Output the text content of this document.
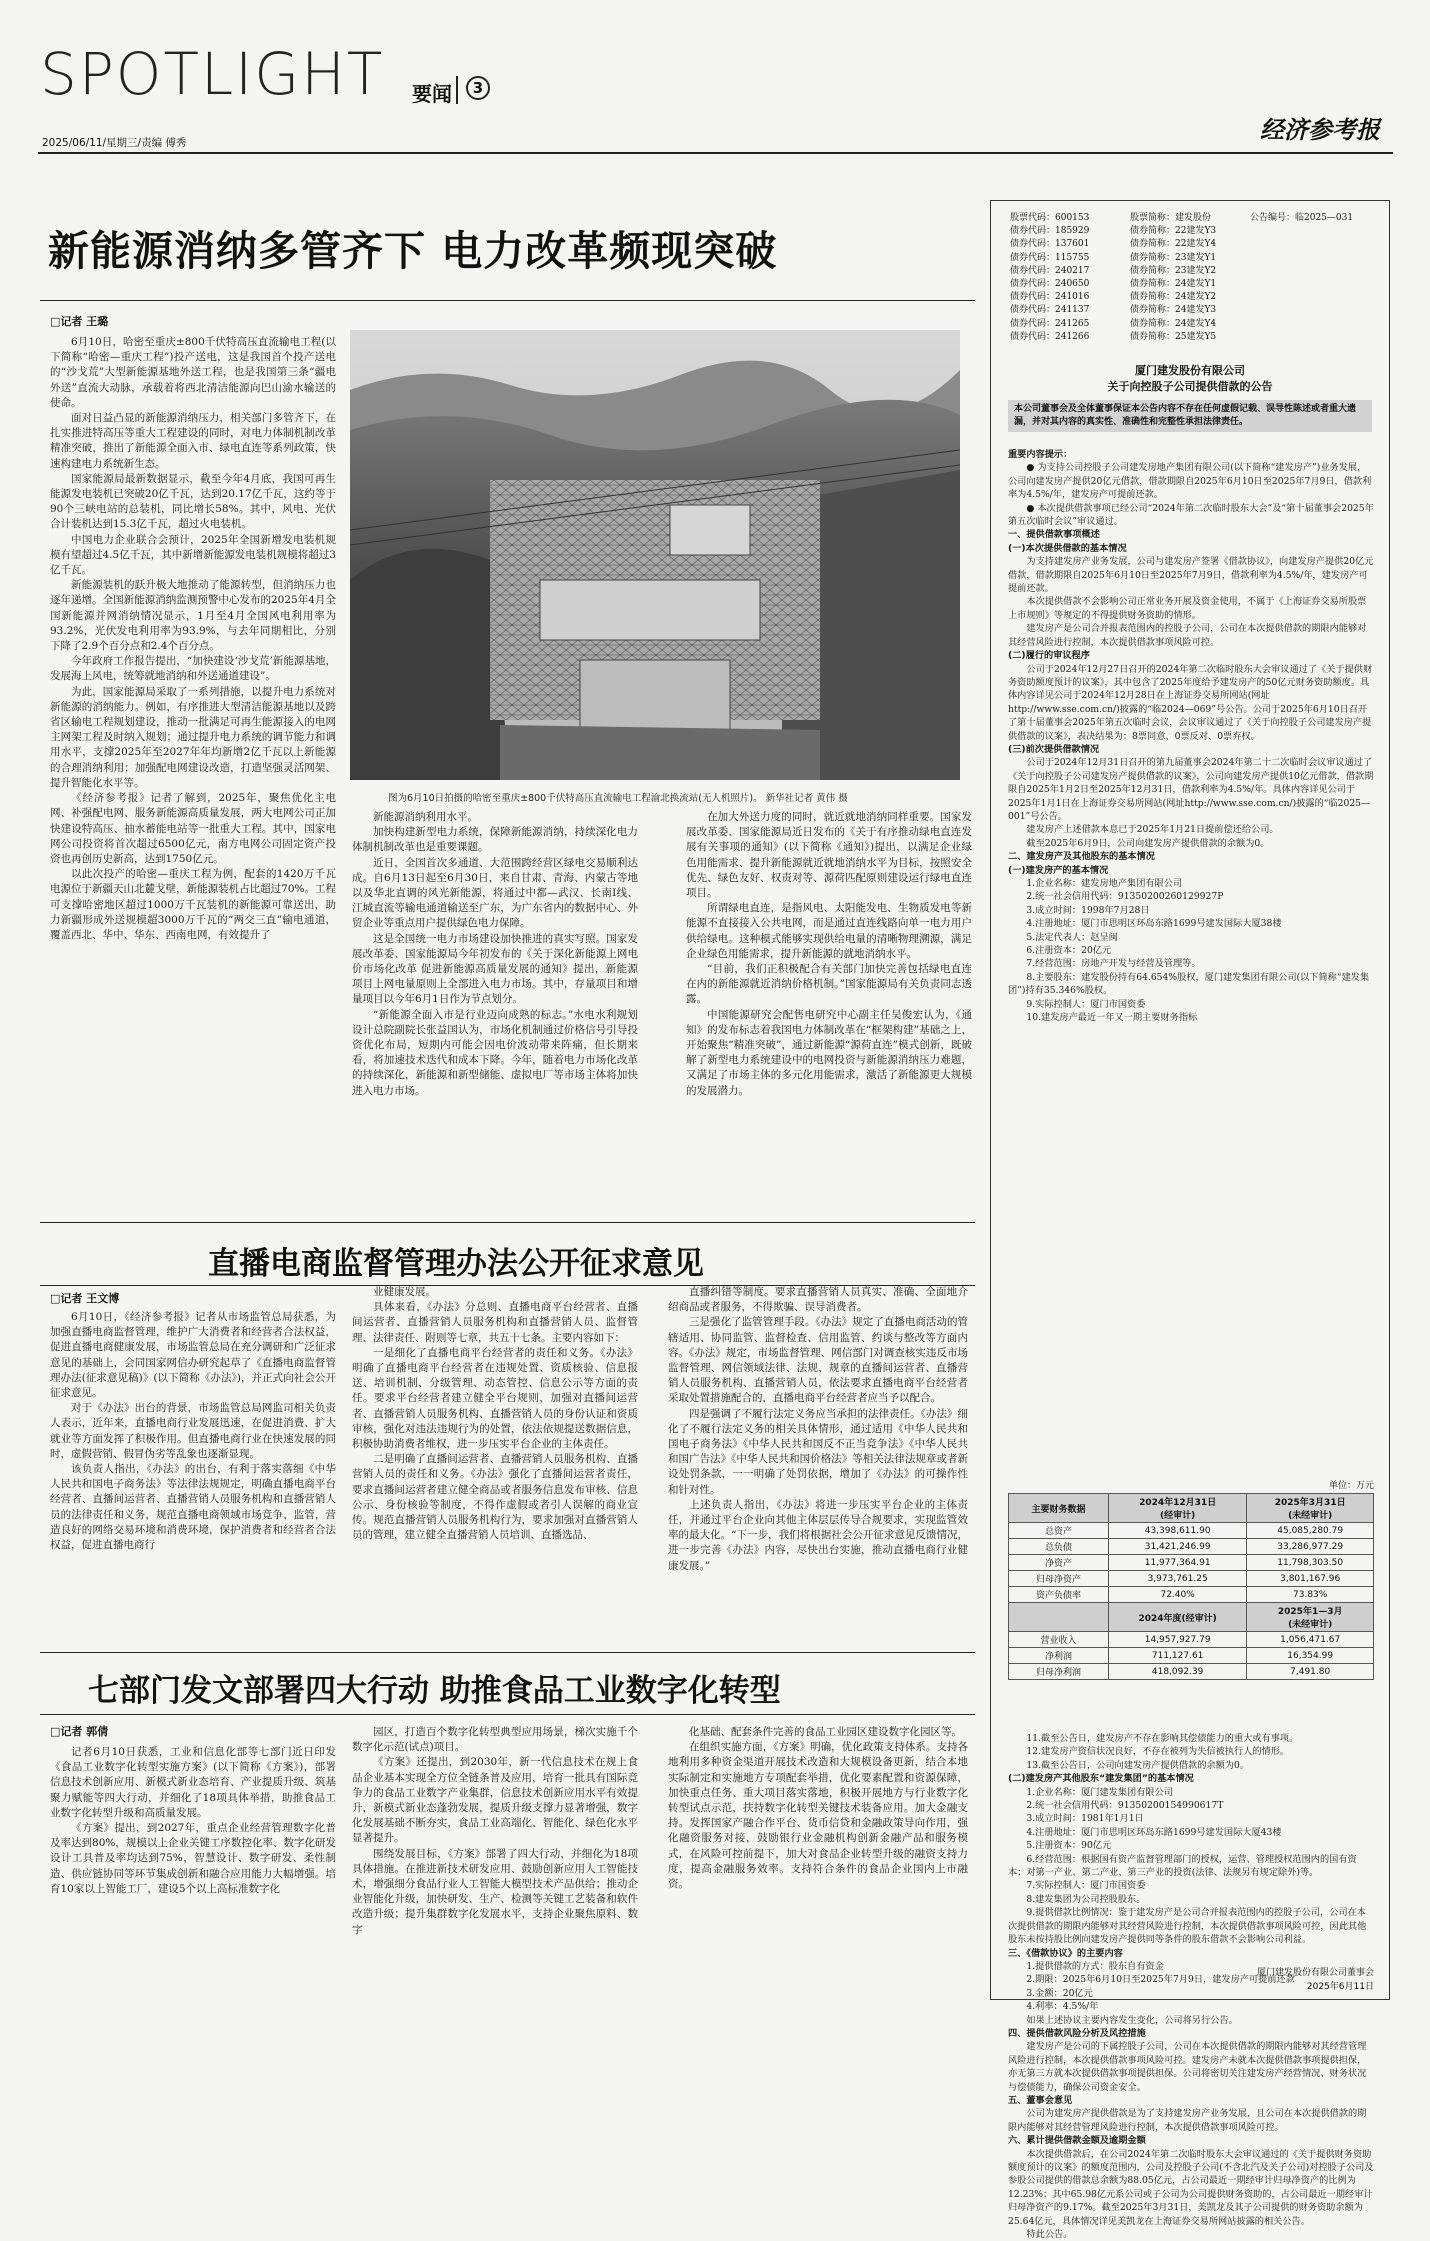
SPOTLIGHT 要闻	3
2025/06/11/星期三/责编 傅秀	经济参考报
新能源消纳多管齐下 电力改革频现突破
□记者 王璐

6月10日，哈密至重庆±800千伏特高压直流输电工程(以下简称“哈密—重庆工程”)投产送电，这是我国首个投产送电的“沙戈荒”大型新能源基地外送工程，也是我国第三条“疆电外送”直流大动脉，承载着将西北清洁能源向巴山渝水输送的使命。

面对日益凸显的新能源消纳压力，相关部门多管齐下，在扎实推进特高压等重大工程建设的同时，对电力体制机制改革精准突破，推出了新能源全面入市、绿电直连等系列政策，快速构建电力系统新生态。

国家能源局最新数据显示，截至今年4月底，我国可再生能源发电装机已突破20亿千瓦，达到20.17亿千瓦，这约等于90个三峡电站的总装机，同比增长58%。其中，风电、光伏合计装机达到15.3亿千瓦，超过火电装机。

中国电力企业联合会预计，2025年全国新增发电装机规模有望超过4.5亿千瓦，其中新增新能源发电装机规模将超过3亿千瓦。

新能源装机的跃升极大地推动了能源转型，但消纳压力也逐年递增。全国新能源消纳监测预警中心发布的2025年4月全国新能源并网消纳情况显示，1月至4月全国风电利用率为93.2%，光伏发电利用率为93.9%，与去年同期相比，分别下降了2.9个百分点和2.4个百分点。

今年政府工作报告提出，“加快建设‘沙戈荒’新能源基地，发展海上风电，统筹就地消纳和外送通道建设”。

为此，国家能源局采取了一系列措施，以提升电力系统对新能源的消纳能力。例如，有序推进大型清洁能源基地以及跨省区输电工程规划建设，推动一批满足可再生能源接入的电网主网架工程及时纳入规划；通过提升电力系统的调节能力和调用水平，支撑2025年至2027年年均新增2亿千瓦以上新能源的合理消纳利用；加强配电网建设改造，打造坚强灵活网架、提升智能化水平等。

《经济参考报》记者了解到，2025年，聚焦优化主电网、补强配电网、服务新能源高质量发展，两大电网公司正加快建设特高压、抽水蓄能电站等一批重大工程。其中，国家电网公司投资将首次超过6500亿元，南方电网公司固定资产投资也再创历史新高，达到1750亿元。

以此次投产的哈密—重庆工程为例，配套的1420万千瓦电源位于新疆天山北麓戈壁，新能源装机占比超过70%。工程可支撑哈密地区超过1000万千瓦装机的新能源可靠送出，助力新疆形成外送规模超3000万千瓦的“两交三直”输电通道，覆盖西北、华中、华东、西南电网，有效提升了

图为6月10日拍摄的哈密至重庆±800千伏特高压直流输电工程渝北换流站(无人机照片)。 新华社记者 黄伟 摄

新能源消纳利用水平。

加快构建新型电力系统，保障新能源消纳，持续深化电力体制机制改革也是重要课题。

近日，全国首次多通道、大范围跨经营区绿电交易顺利达成。自6月13日起至6月30日，来自甘肃、青海、内蒙古等地以及华北直调的风光新能源，将通过中都—武汉、长南Ⅰ线、江城直流等输电通道输送至广东，为广东省内的数据中心、外贸企业等重点用户提供绿色电力保障。

这是全国统一电力市场建设加快推进的真实写照。国家发展改革委、国家能源局今年初发布的《关于深化新能源上网电价市场化改革 促进新能源高质量发展的通知》提出，新能源项目上网电量原则上全部进入电力市场。其中，存量项目和增量项目以今年6月1日作为节点划分。

“新能源全面入市是行业迈向成熟的标志。”水电水利规划设计总院副院长张益国认为，市场化机制通过价格信号引导投资优化布局，短期内可能会因电价波动带来阵痛，但长期来看，将加速技术迭代和成本下降。今年，随着电力市场化改革的持续深化，新能源和新型储能、虚拟电厂等市场主体将加快进入电力市场。

在加大外送力度的同时，就近就地消纳同样重要。国家发展改革委、国家能源局近日发布的《关于有序推动绿电直连发展有关事项的通知》(以下简称《通知》)提出，以满足企业绿色用能需求、提升新能源就近就地消纳水平为目标，按照安全优先、绿色友好、权责对等、源荷匹配原则建设运行绿电直连项目。

所谓绿电直连，是指风电、太阳能发电、生物质发电等新能源不直接接入公共电网，而是通过直连线路向单一电力用户供给绿电。这种模式能够实现供给电量的清晰物理溯源，满足企业绿色用能需求，提升新能源的就地消纳水平。

“目前，我们正积极配合有关部门加快完善包括绿电直连在内的新能源就近消纳价格机制。”国家能源局有关负责同志透露。

中国能源研究会配售电研究中心副主任吴俊宏认为，《通知》的发布标志着我国电力体制改革在“框架构建”基础之上，开始聚焦“精准突破”，通过新能源“源荷直连”模式创新，既破解了新型电力系统建设中的电网投资与新能源消纳压力难题，又满足了市场主体的多元化用能需求，激活了新能源更大规模的发展潜力。

直播电商监督管理办法公开征求意见
□记者 王文博

6月10日，《经济参考报》记者从市场监管总局获悉，为加强直播电商监督管理，维护广大消费者和经营者合法权益，促进直播电商健康发展，市场监管总局在充分调研和广泛征求意见的基础上，会同国家网信办研究起草了《直播电商监督管理办法(征求意见稿)》(以下简称《办法》)，并正式向社会公开征求意见。

对于《办法》出台的背景，市场监管总局网监司相关负责人表示，近年来，直播电商行业发展迅速，在促进消费、扩大就业等方面发挥了积极作用。但直播电商行业在快速发展的同时，虚假营销、假冒伪劣等乱象也逐渐显现。

该负责人指出，《办法》的出台，有利于落实落细《中华人民共和国电子商务法》等法律法规规定，明确直播电商平台经营者、直播间运营者、直播营销人员服务机构和直播营销人员的法律责任和义务，规范直播电商领域市场竞争、监管，营造良好的网络交易环境和消费环境，保护消费者和经营者合法权益，促进直播电商行

业健康发展。

具体来看，《办法》分总则、直播电商平台经营者、直播间运营者、直播营销人员服务机构和直播营销人员、监督管理、法律责任、附则等七章，共五十七条。主要内容如下：

一是细化了直播电商平台经营者的责任和义务。《办法》明确了直播电商平台经营者在违规处置、资质核验、信息报送、培训机制、分级管理、动态管控、信息公示等方面的责任。要求平台经营者建立健全平台规则，加强对直播间运营者、直播营销人员服务机构、直播营销人员的身份认证和资质审核，强化对违法违规行为的处置，依法依规提送数据信息，积极协助消费者维权，进一步压实平台企业的主体责任。

二是明确了直播间运营者、直播营销人员服务机构、直播营销人员的责任和义务。《办法》强化了直播间运营者责任，要求直播间运营者建立健全商品或者服务信息发布审核、信息公示、身份核验等制度，不得作虚假或者引人误解的商业宣传。规范直播营销人员服务机构行为，要求加强对直播营销人员的管理，建立健全直播营销人员培训、直播选品、

直播纠错等制度。要求直播营销人员真实、准确、全面地介绍商品或者服务，不得欺骗、误导消费者。

三是强化了监管管理手段。《办法》规定了直播电商活动的管辖适用、协同监管、监督检查、信用监管、约谈与整改等方面内容。《办法》规定，市场监督管理、网信部门对调查核实违反市场监督管理、网信领域法律、法规、规章的直播间运营者、直播营销人员服务机构、直播营销人员，依法要求直播电商平台经营者采取处置措施配合的，直播电商平台经营者应当予以配合。

四是强调了不履行法定义务应当承担的法律责任。《办法》细化了不履行法定义务的相关具体情形，通过适用《中华人民共和国电子商务法》《中华人民共和国反不正当竞争法》《中华人民共和国广告法》《中华人民共和国价格法》等相关法律法规章或者新设处罚条款，一一明确了处罚依据，增加了《办法》的可操作性和针对性。

上述负责人指出，《办法》将进一步压实平台企业的主体责任，并通过平台企业向其他主体层层传导合规要求，实现监管效率的最大化。“下一步，我们将根据社会公开征求意见反馈情况，进一步完善《办法》内容，尽快出台实施，推动直播电商行业健康发展。”

七部门发文部署四大行动 助推食品工业数字化转型
□记者 郭倩

记者6月10日获悉，工业和信息化部等七部门近日印发《食品工业数字化转型实施方案》(以下简称《方案》)，部署信息技术创新应用、新模式新业态培育、产业提质升级、筑基聚力赋能等四大行动，并细化了18项具体举措，助推食品工业数字化转型升级和高质量发展。

《方案》提出，到2027年，重点企业经营管理数字化普及率达到80%，规模以上企业关键工序数控化率、数字化研发设计工具普及率均达到75%，智慧设计、数字研发、柔性制造、供应链协同等环节集成创新和融合应用能力大幅增强。培育10家以上智能工厂，建设5个以上高标准数字化

园区，打造百个数字化转型典型应用场景，梯次实施千个数字化示范(试点)项目。

《方案》还提出，到2030年，新一代信息技术在规上食品企业基本实现全方位全链条普及应用，培育一批具有国际竞争力的食品工业数字产业集群，信息技术创新应用水平有效提升，新模式新业态蓬勃发展，提质升级支撑力显著增强，数字化发展基础不断夯实，食品工业高端化、智能化、绿色化水平显著提升。

围绕发展目标，《方案》部署了四大行动，并细化为18项具体措施。在推进新技术研发应用、鼓励创新应用人工智能技术，增强细分食品行业人工智能大模型技术产品供给；推动企业智能化升级，加快研发、生产、检测等关键工艺装备和软件改造升级；提升集群数字化发展水平，支持企业聚焦原料、数字

化基础、配套条件完善的食品工业园区建设数字化园区等。

在组织实施方面，《方案》明确，优化政策支持体系。支持各地利用多种资金渠道开展技术改造和大规模设备更新，结合本地实际制定和实施地方专项配套举措，优化要素配置和资源保障，加快重点任务、重大项目落实落地，积极开展地方与行业数字化转型试点示范，扶持数字化转型关键技术装备应用。加大金融支持。发挥国家产融合作平台、货币信贷和金融政策导向作用，强化融资服务对接，鼓励银行业金融机构创新金融产品和服务模式，在风险可控前提下，加大对食品企业转型升级的融资支持力度，提高金融服务效率。支持符合条件的食品企业国内上市融资。

股票代码：600153	股票简称：建发股份	公告编号：临2025—031
债券代码：185929	债券简称：22建发Y3
债券代码：137601	债券简称：22建发Y4
债券代码：115755	债券简称：23建发Y1
债券代码：240217	债券简称：23建发Y2
债券代码：240650	债券简称：24建发Y1
债券代码：241016	债券简称：24建发Y2
债券代码：241137	债券简称：24建发Y3
债券代码：241265	债券简称：24建发Y4
债券代码：241266	债券简称：25建发Y5
厦门建发股份有限公司
关于向控股子公司提供借款的公告
本公司董事会及全体董事保证本公告内容不存在任何虚假记载、误导性陈述或者重大遗漏，并对其内容的真实性、准确性和完整性承担法律责任。

重要内容提示：

● 为支持公司控股子公司建发房地产集团有限公司(以下简称“建发房产”)业务发展，公司向建发房产提供20亿元借款，借款期限自2025年6月10日至2025年7月9日，借款利率为4.5%/年，建发房产可提前还款。

● 本次提供借款事项已经公司“2024年第二次临时股东大会”及“第十届董事会2025年第五次临时会议”审议通过。

一、提供借款事项概述

(一)本次提供借款的基本情况

为支持建发房产业务发展，公司与建发房产签署《借款协议》，向建发房产提供20亿元借款，借款期限自2025年6月10日至2025年7月9日，借款利率为4.5%/年，建发房产可提前还款。

本次提供借款不会影响公司正常业务开展及资金使用，不属于《上海证券交易所股票上市规则》等规定的不得提供财务资助的情形。

建发房产是公司合并报表范围内的控股子公司，公司在本次提供借款的期限内能够对其经营风险进行控制，本次提供借款事项风险可控。

(二)履行的审议程序

公司于2024年12月27日召开的2024年第二次临时股东大会审议通过了《关于提供财务资助额度预计的议案》，其中包含了2025年度给予建发房产的50亿元财务资助额度。具体内容详见公司于2024年12月28日在上海证券交易所网站(网址http://www.sse.com.cn/)披露的“临2024—069”号公告。公司于2025年6月10日召开了第十届董事会2025年第五次临时会议，会议审议通过了《关于向控股子公司建发房产提供借款的议案》，表决结果为：8票同意、0票反对、0票弃权。

(三)前次提供借款情况

公司于2024年12月31日召开的第九届董事会2024年第二十二次临时会议审议通过了《关于向控股子公司建发房产提供借款的议案》，公司向建发房产提供10亿元借款，借款期限自2025年1月2日至2025年12月31日，借款利率为4.5%/年。具体内容详见公司于2025年1月1日在上海证券交易所网站(网址http://www.sse.com.cn/)披露的“临2025—001”号公告。

建发房产上述借款本息已于2025年1月21日提前偿还给公司。

截至2025年6月9日，公司向建发房产提供借款的余额为0。

二、建发房产及其他股东的基本情况

(一)建发房产的基本情况

1.企业名称：建发房地产集团有限公司

2.统一社会信用代码：91350200260129927P

3.成立时间：1998年7月28日

4.注册地址：厦门市思明区环岛东路1699号建发国际大厦38楼

5.法定代表人：赵呈闽

6.注册资本：20亿元

7.经营范围：房地产开发与经营及管理等。

8.主要股东：建发股份持有64.654%股权，厦门建发集团有限公司(以下简称“建发集团”)持有35.346%股权。

9.实际控制人：厦门市国资委

10.建发房产最近一年又一期主要财务指标

单位：万元
主要财务数据	2024年12月31日
(经审计)	2025年3月31日
(未经审计)
总资产	43,398,611.90	45,085,280.79
总负债	31,421,246.99	33,286,977.29
净资产	11,977,364.91	11,798,303.50
归母净资产	3,973,761.25	3,801,167.96
资产负债率	72.40%	73.83%
	2024年度(经审计)	2025年1—3月
(未经审计)
营业收入	14,957,927.79	1,056,471.67
净利润	711,127.61	16,354.99
归母净利润	418,092.39	7,491.80

11.截至公告日，建发房产不存在影响其偿债能力的重大或有事项。

12.建发房产资信状况良好，不存在被列为失信被执行人的情形。

13.截至公告日，公司向建发房产提供借款的余额为0。

(二)建发房产其他股东“建发集团”的基本情况

1.企业名称：厦门建发集团有限公司

2.统一社会信用代码：91350200154990617T

3.成立时间：1981年1月1日

4.注册地址：厦门市思明区环岛东路1699号建发国际大厦43楼

5.注册资本：90亿元

6.经营范围：根据国有资产监督管理部门的授权，运营、管理授权范围内的国有资本；对第一产业、第二产业、第三产业的投资(法律、法规另有规定除外)等。

7.实际控制人：厦门市国资委

8.建发集团为公司控股股东。

9.提供借款比例情况：鉴于建发房产是公司合并报表范围内的控股子公司，公司在本次提供借款的期限内能够对其经营风险进行控制，本次提供借款事项风险可控，因此其他股东未按持股比例向建发房产提供同等条件的股东借款不会影响公司利益。

三、《借款协议》的主要内容

1.提供借款的方式：股东自有资金

2.期限：2025年6月10日至2025年7月9日，建发房产可提前还款

3.金额：20亿元

4.利率：4.5%/年

如果上述协议主要内容发生变化，公司将另行公告。

四、提供借款风险分析及风控措施

建发房产是公司的下属控股子公司，公司在本次提供借款的期限内能够对其经营管理风险进行控制，本次提供借款事项风险可控。建发房产未就本次提供借款事项提供担保，亦无第三方就本次提供借款事项提供担保。公司将密切关注建发房产经营情况、财务状况与偿债能力，确保公司资金安全。

五、董事会意见

公司为建发房产提供借款是为了支持建发房产业务发展，且公司在本次提供借款的期限内能够对其经营管理风险进行控制，本次提供借款事项风险可控。

六、累计提供借款金额及逾期金额

本次提供借款后，在公司2024年第二次临时股东大会审议通过的《关于提供财务资助额度预计的议案》的额度范围内，公司及控股子公司(不含北汽及关子公司)对控股子公司及参股公司提供的借款总余额为88.05亿元，占公司最近一期经审计归母净资产的比例为12.23%；其中65.98亿元系公司或子公司为公司提供财务资助的，占公司最近一期经审计归母净资产的9.17%。截至2025年3月31日，美凯龙及其子公司提供的财务资助余额为25.64亿元，具体情况详见美凯龙在上海证券交易所网站披露的相关公告。

特此公告。

厦门建发股份有限公司董事会
2025年6月11日
